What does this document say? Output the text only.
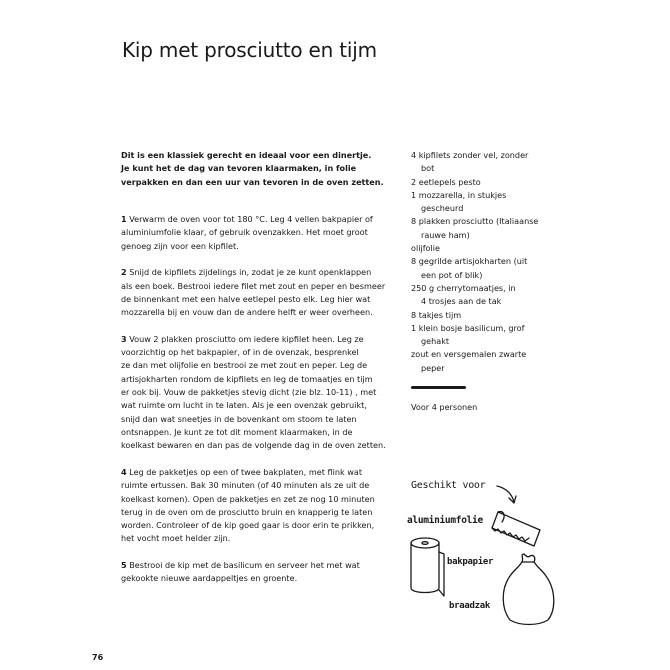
Kip met prosciutto en tijm
Dit is een klassiek gerecht en ideaal voor een dinertje.
Je kunt het de dag van tevoren klaarmaken, in folie
verpakken en dan een uur van tevoren in de oven zetten.
1 Verwarm de oven voor tot 180 °C. Leg 4 vellen bakpapier of
aluminiumfolie klaar, of gebruik ovenzakken. Het moet groot
genoeg zijn voor een kipfilet.
2 Snijd de kipfilets zijdelings in, zodat je ze kunt openklappen
als een boek. Bestrooi iedere filet met zout en peper en besmeer
de binnenkant met een halve eetlepel pesto elk. Leg hier wat
mozzarella bij en vouw dan de andere helft er weer overheen.
3 Vouw 2 plakken prosciutto om iedere kipfilet heen. Leg ze
voorzichtig op het bakpapier, of in de ovenzak, besprenkel
ze dan met olijfolie en bestrooi ze met zout en peper. Leg de
artisjokharten rondom de kipfilets en leg de tomaatjes en tijm
er ook bij. Vouw de pakketjes stevig dicht (zie blz. 10-11) , met
wat ruimte om lucht in te laten. Als je een ovenzak gebruikt,
snijd dan wat sneetjes in de bovenkant om stoom te laten
ontsnappen. Je kunt ze tot dit moment klaarmaken, in de
koelkast bewaren en dan pas de volgende dag in de oven zetten.
4 Leg de pakketjes op een of twee bakplaten, met flink wat
ruimte ertussen. Bak 30 minuten (of 40 minuten als ze uit de
koelkast komen). Open de pakketjes en zet ze nog 10 minuten
terug in de oven om de prosciutto bruin en knapperig te laten
worden. Controleer of de kip goed gaar is door erin te prikken,
het vocht moet helder zijn.
5 Bestrooi de kip met de basilicum en serveer het met wat
gekookte nieuwe aardappeltjes en groente.
4 kipfilets zonder vel, zonder
bot
2 eetlepels pesto
1 mozzarella, in stukjes
gescheurd
8 plakken prosciutto (Italiaanse
rauwe ham)
olijfolie
8 gegrilde artisjokharten (uit
een pot of blik)
250 g cherrytomaatjes, in
4 trosjes aan de tak
8 takjes tijm
1 klein bosje basilicum, grof
gehakt
zout en versgemalen zwarte
peper
Voor 4 personen
Geschikt voor
aluminiumfolie
bakpapier
braadzak
76
